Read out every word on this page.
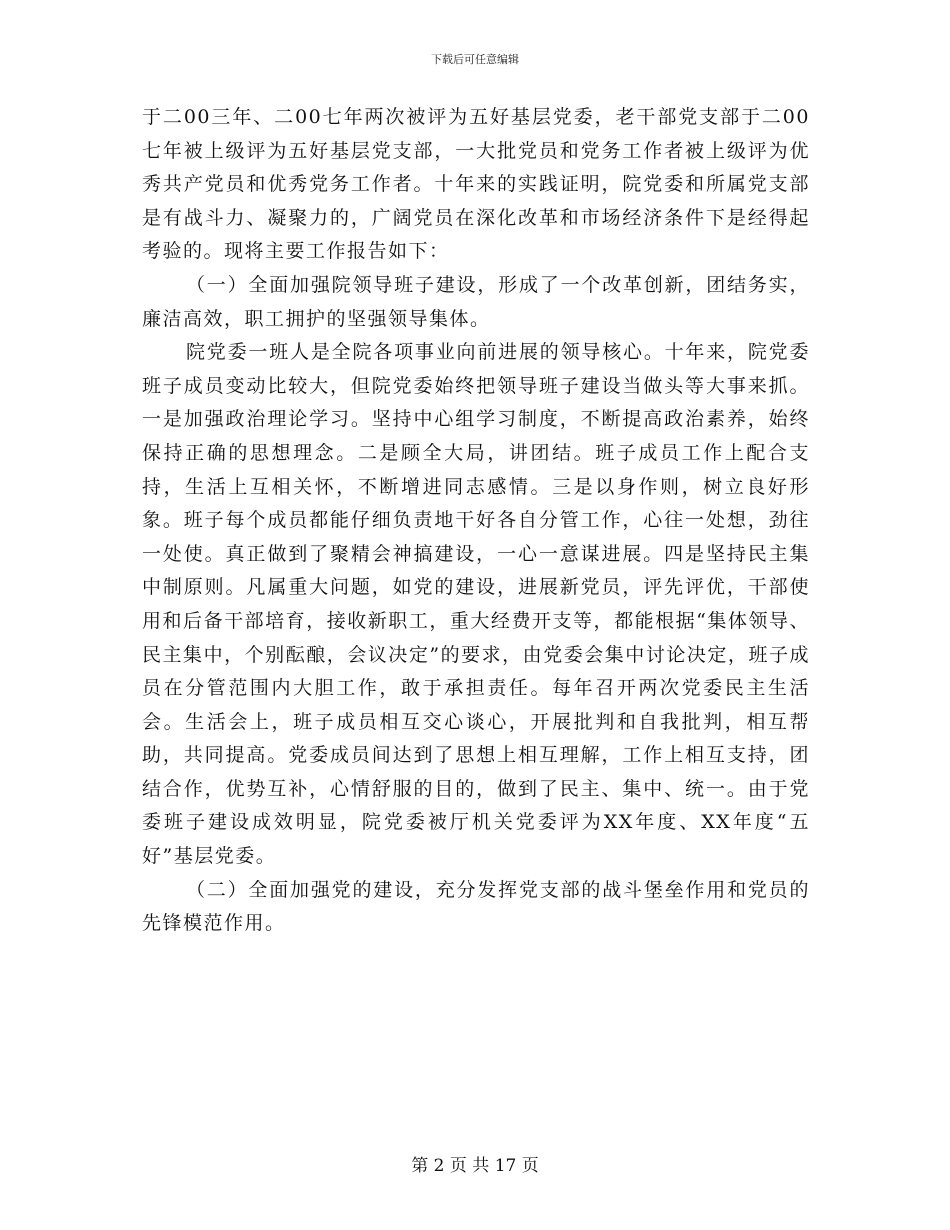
下载后可任意编辑

于二00三年、二00七年两次被评为五好基层党委，老干部党支部于二00七年被上级评为五好基层党支部，一大批党员和党务工作者被上级评为优秀共产党员和优秀党务工作者。十年来的实践证明，院党委和所属党支部是有战斗力、凝聚力的，广阔党员在深化改革和市场经济条件下是经得起考验的。现将主要工作报告如下：

（一）全面加强院领导班子建设，形成了一个改革创新，团结务实，廉洁高效，职工拥护的坚强领导集体。

院党委一班人是全院各项事业向前进展的领导核心。十年来，院党委班子成员变动比较大，但院党委始终把领导班子建设当做头等大事来抓。一是加强政治理论学习。坚持中心组学习制度，不断提高政治素养，始终保持正确的思想理念。二是顾全大局，讲团结。班子成员工作上配合支持，生活上互相关怀，不断增进同志感情。三是以身作则，树立良好形象。班子每个成员都能仔细负责地干好各自分管工作，心往一处想，劲往一处使。真正做到了聚精会神搞建设，一心一意谋进展。四是坚持民主集中制原则。凡属重大问题，如党的建设，进展新党员，评先评优，干部使用和后备干部培育，接收新职工，重大经费开支等，都能根据“集体领导、民主集中，个别酝酿，会议决定”的要求，由党委会集中讨论决定，班子成员在分管范围内大胆工作，敢于承担责任。每年召开两次党委民主生活会。生活会上，班子成员相互交心谈心，开展批判和自我批判，相互帮助，共同提高。党委成员间达到了思想上相互理解，工作上相互支持，团结合作，优势互补，心情舒服的目的，做到了民主、集中、统一。由于党委班子建设成效明显，院党委被厅机关党委评为XX年度、XX年度“五好”基层党委。

（二）全面加强党的建设，充分发挥党支部的战斗堡垒作用和党员的先锋模范作用。

第 2 页 共 17 页
